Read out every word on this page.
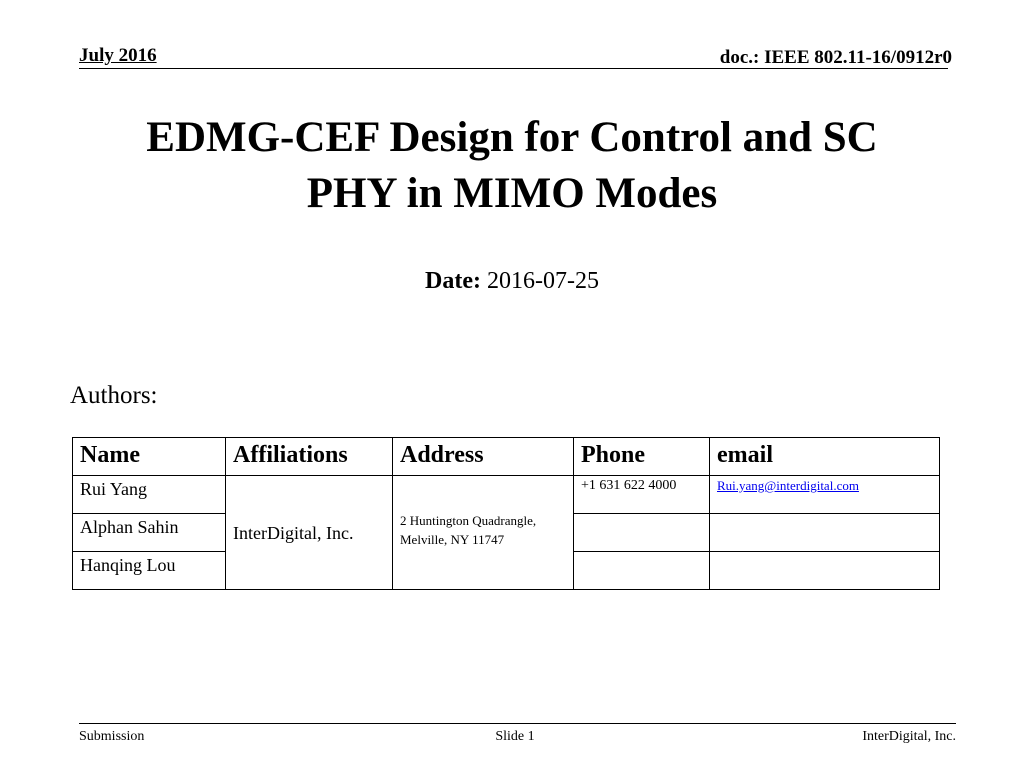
July 2016	doc.: IEEE 802.11-16/0912r0
EDMG-CEF Design for Control and SC
PHY in MIMO Modes
Date: 2016-07-25
Authors:
Name	Affiliations	Address	Phone	email
Rui Yang	InterDigital, Inc.	2 Huntington Quadrangle, Melville, NY 11747	+1 631 622 4000	Rui.yang@interdigital.com
Alphan Sahin				
Hanqing Lou				
Submission	Slide 1	InterDigital, Inc.
